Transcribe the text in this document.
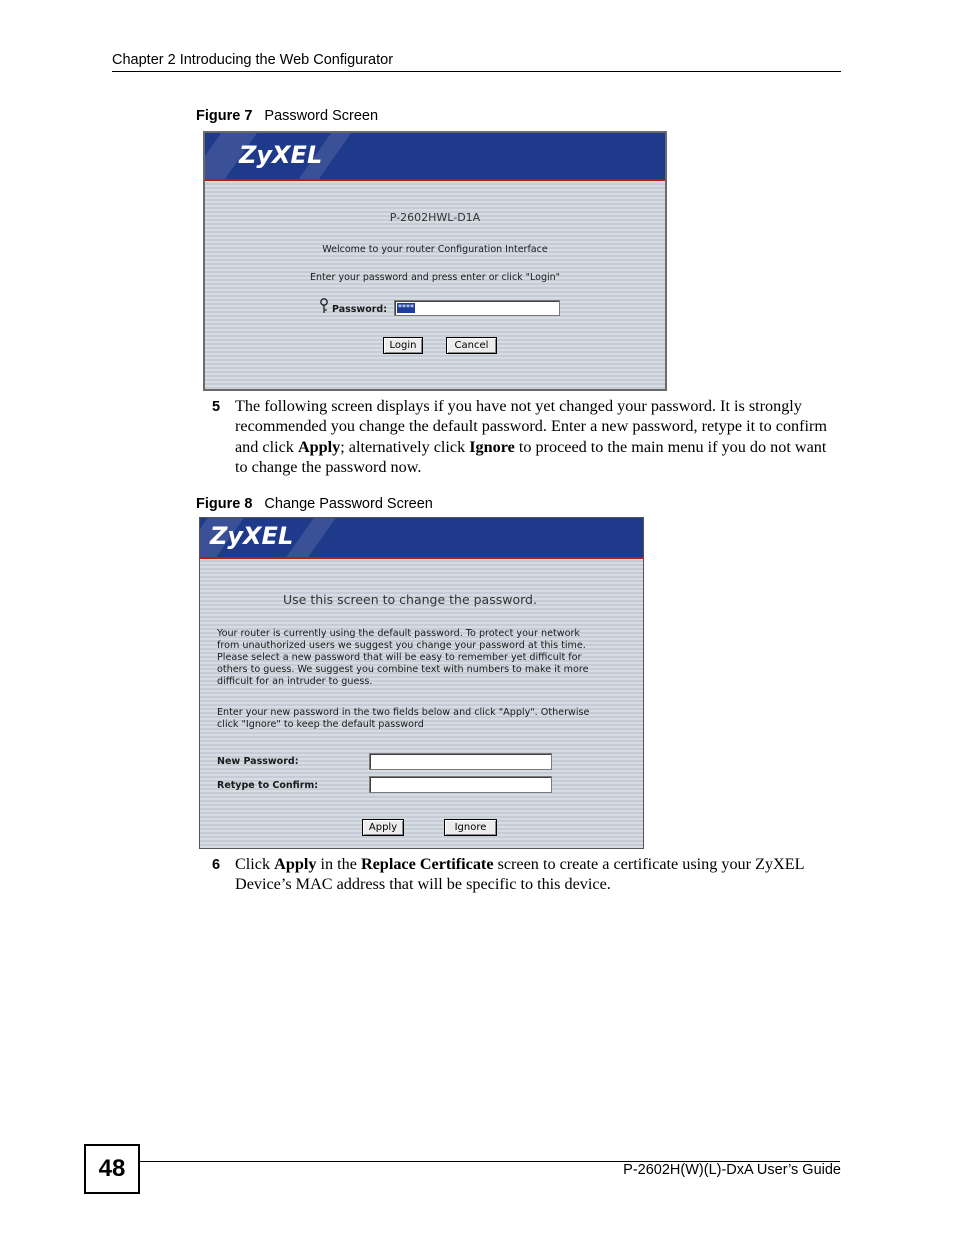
Chapter 2 Introducing the Web Configurator
Figure 7 Password Screen
ZyXEL
P-2602HWL-D1A
Welcome to your router Configuration Interface
Enter your password and press enter or click "Login"
Password: ****
Login	Cancel
5 The following screen displays if you have not yet changed your password. It is strongly recommended you change the default password. Enter a new password, retype it to confirm and click Apply; alternatively click Ignore to proceed to the main menu if you do not want to change the password now.
Figure 8 Change Password Screen
ZyXEL
Use this screen to change the password.
Your router is currently using the default password. To protect your network
from unauthorized users we suggest you change your password at this time.
Please select a new password that will be easy to remember yet difficult for
others to guess. We suggest you combine text with numbers to make it more
difficult for an intruder to guess.
Enter your new password in the two fields below and click "Apply". Otherwise
click "Ignore" to keep the default password
New Password:
Retype to Confirm:
Apply	Ignore
6 Click Apply in the Replace Certificate screen to create a certificate using your ZyXEL Device’s MAC address that will be specific to this device.
48	P-2602H(W)(L)-DxA User’s Guide
